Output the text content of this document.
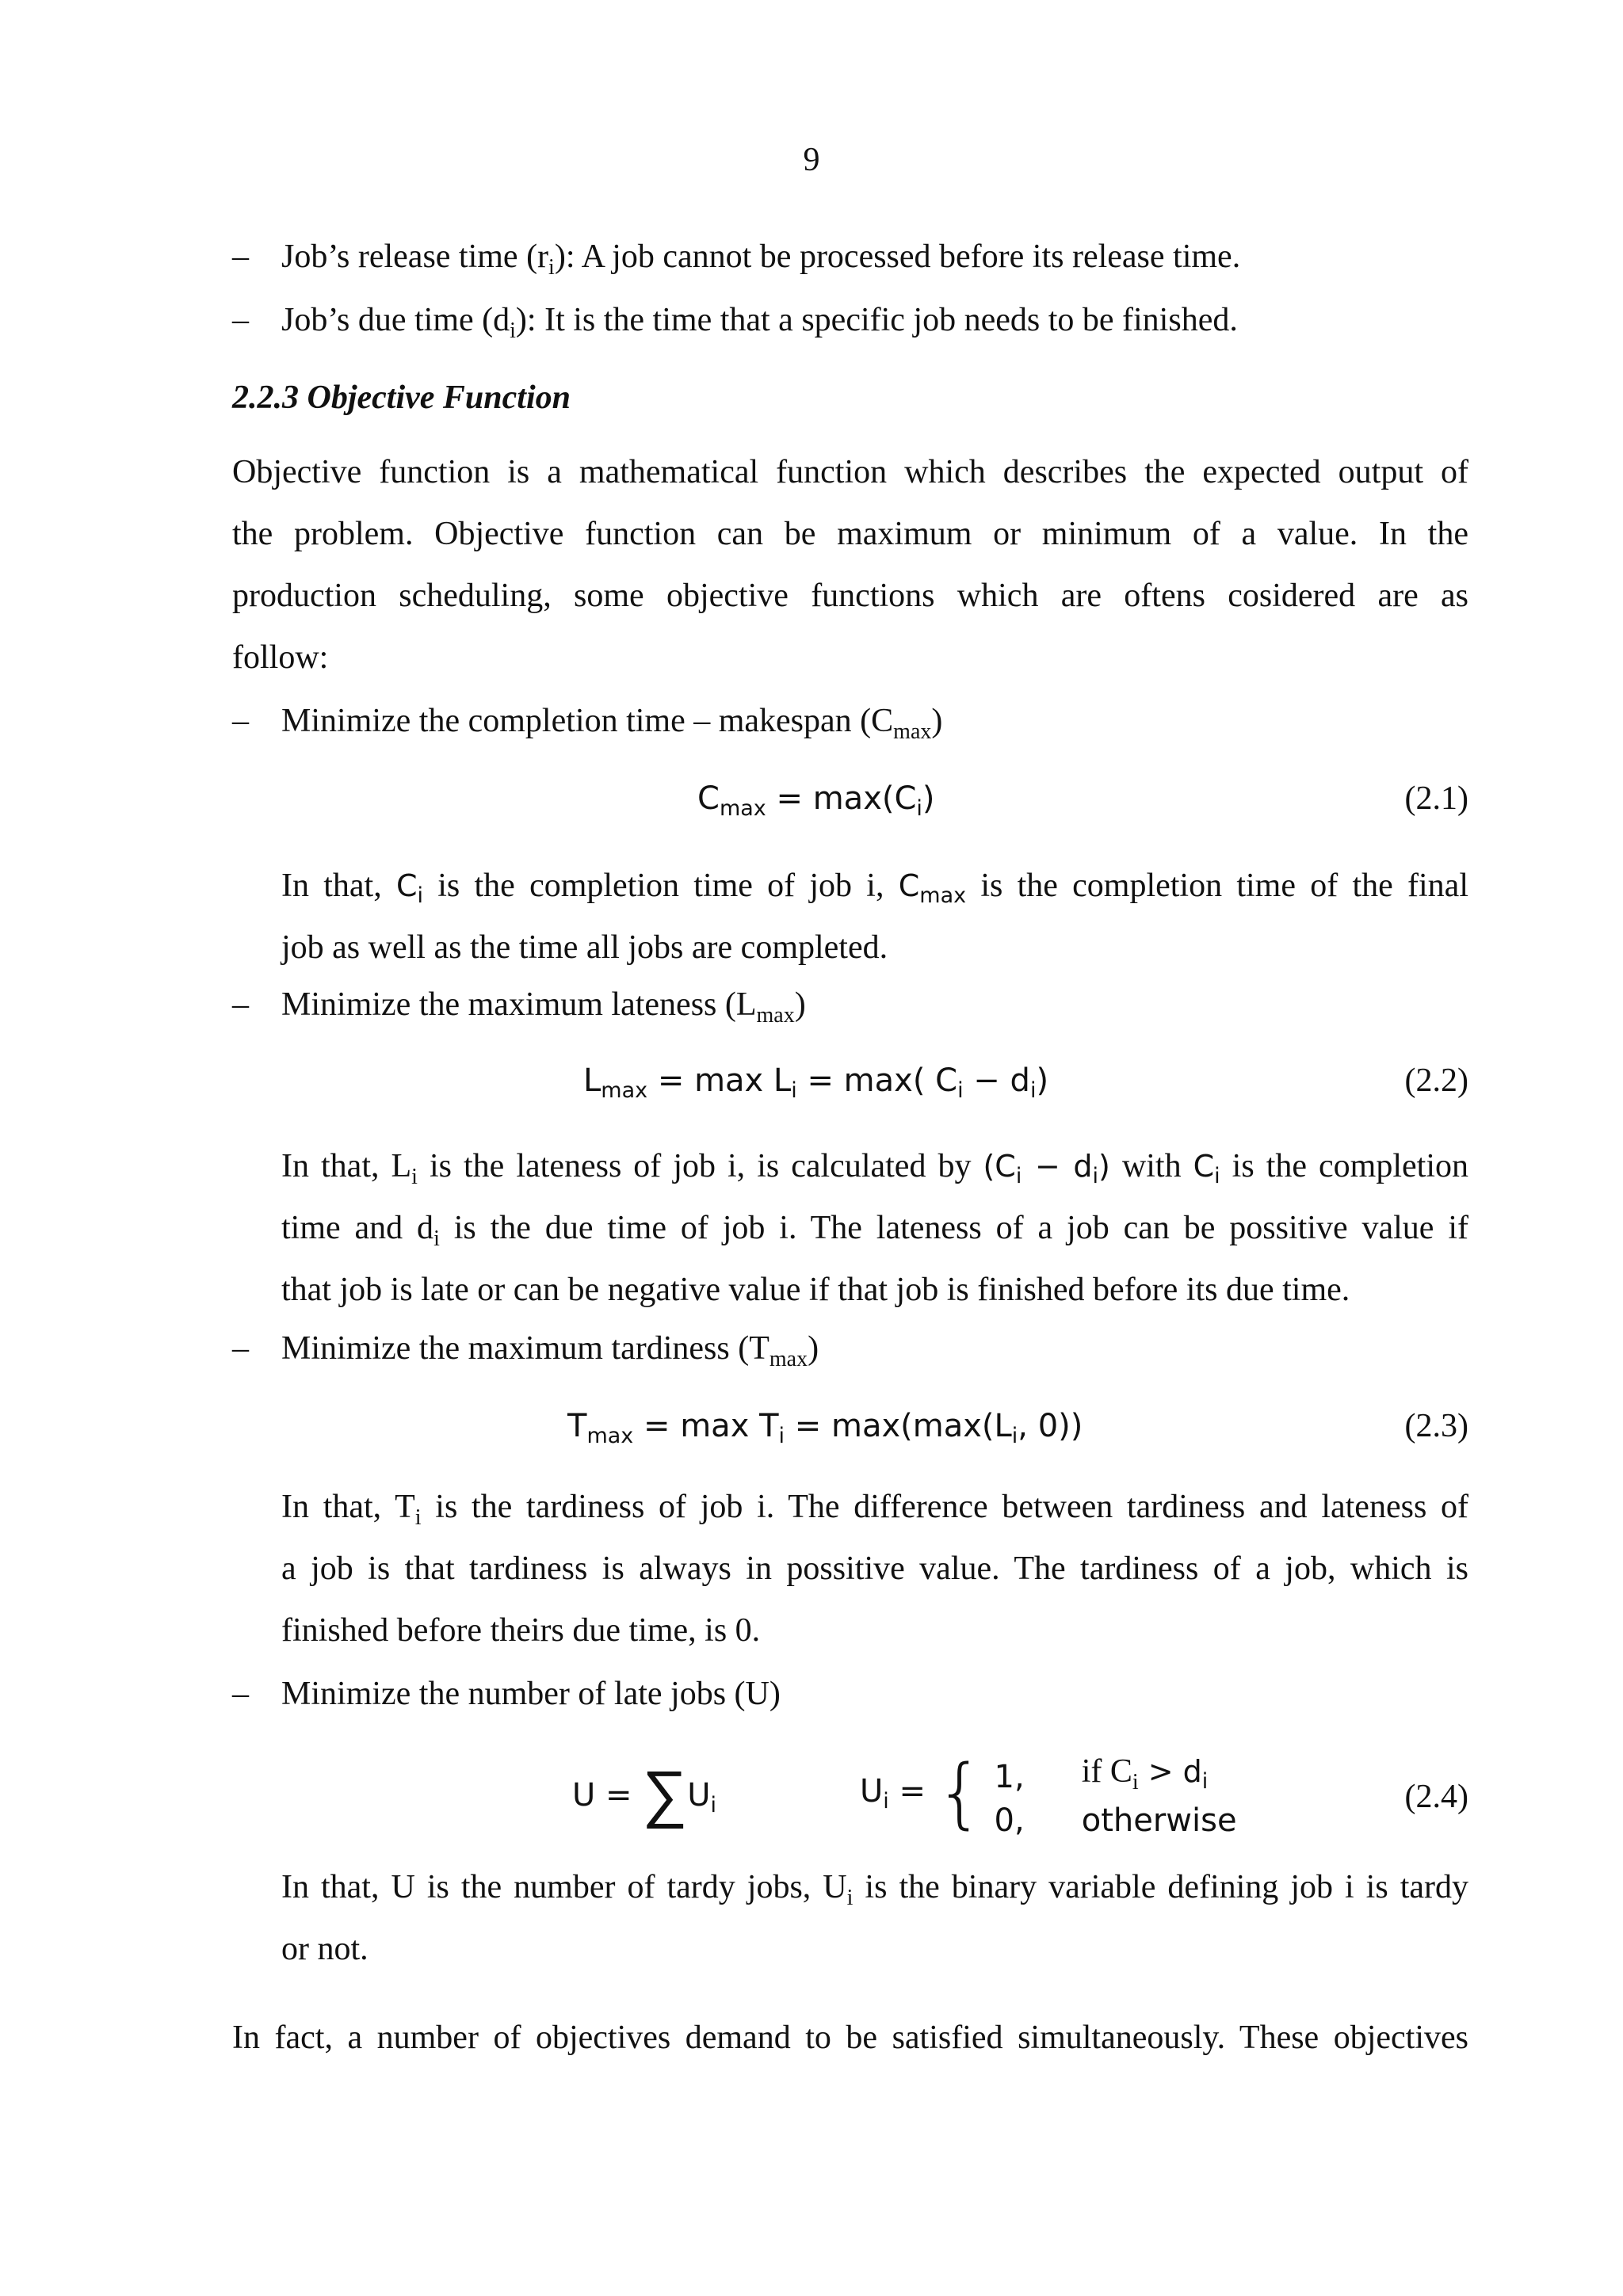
9
– Job’s release time $(r_i)$: A job cannot be processed before its release time.
– Job’s due time $(d_i)$: It is the time that a specific job needs to be finished.
2.2.3 Objective Function
Objective function is a mathematical function which describes the expected output of
the problem. Objective function can be maximum or minimum of a value. In the
production scheduling, some objective functions which are oftens cosidered are as
follow:
– Minimize the completion time – makespan $(C_{max})$
$C_{max} = \max(C_i)$	(2.1)
In that, Ci is the completion time of job i, Cmax is the completion time of the final
job as well as the time all jobs are completed.
– Minimize the maximum lateness $(L_{max})$
$L_{max} = \max L_i = \max$( $C_i - d_i$)	(2.2)
In that, $L_i$ is the lateness of job i, is calculated by (Ci − di) with Ci is the completion
time and $d_i$ is the due time of job i. The lateness of a job can be possitive value if
that job is late or can be negative value if that job is finished before its due time.
– Minimize the maximum tardiness $(T_{max})$
$T_{max} = \max T_i = \max(\max(L_i$, 0))	(2.3)
In that, $T_i$ is the tardiness of job i. The difference between tardiness and lateness of
a job is that tardiness is always in possitive value. The tardiness of a job, which is
finished before theirs due time, is 0.
– Minimize the number of late jobs (U)
$U = \sum U_i$	$U_i$ = { 1,	if $C_i$ > di
0,	otherwise
(2.4)
In that, U is the number of tardy jobs, $U_i$ is the binary variable defining job i is tardy
or not.
In fact, a number of objectives demand to be satisfied simultaneously. These objectives
